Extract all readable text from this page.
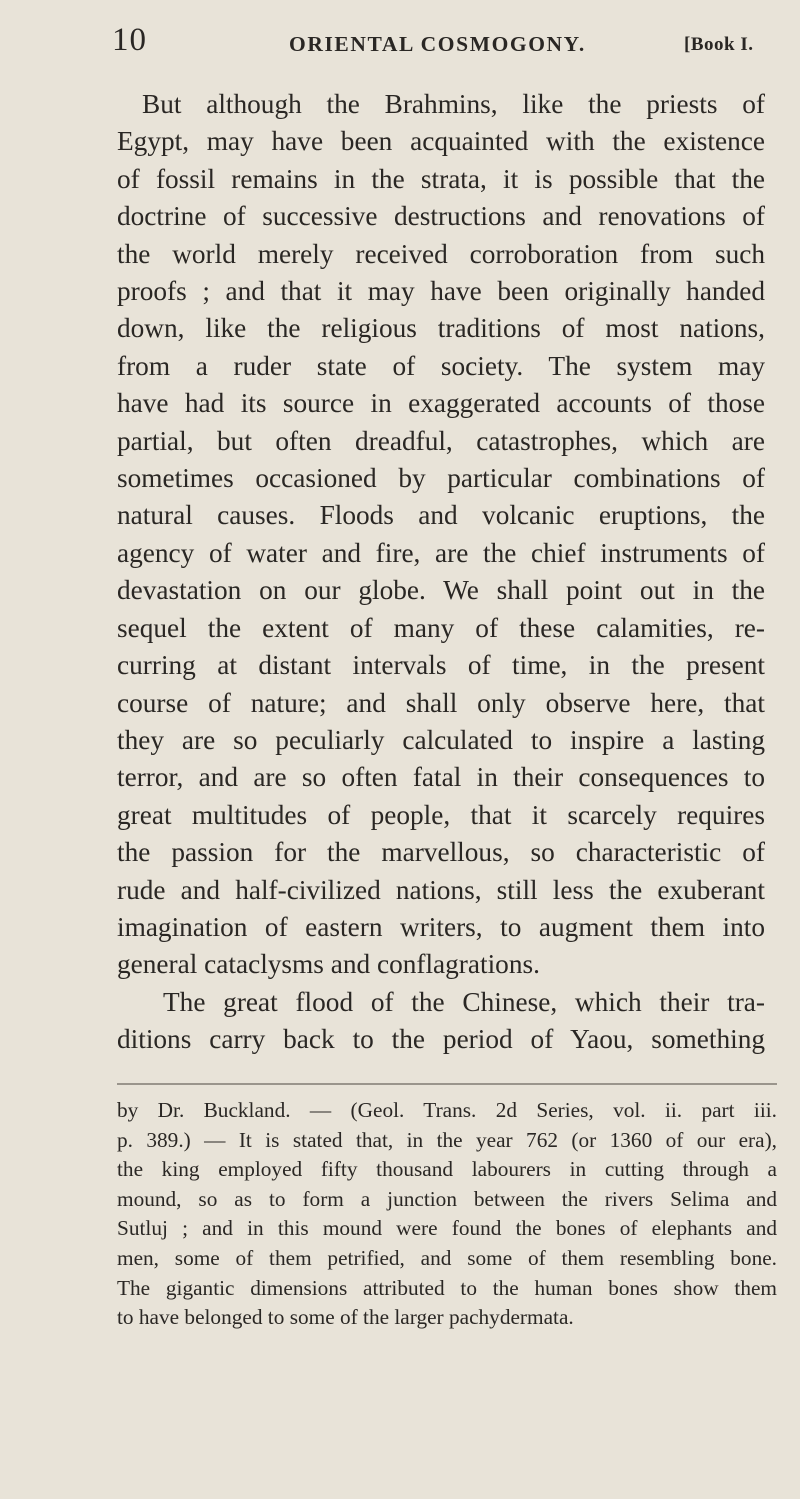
10	ORIENTAL COSMOGONY.	[Book I.
But although the Brahmins, like the priests of
Egypt, may have been acquainted with the existence
of fossil remains in the strata, it is possible that the
doctrine of successive destructions and renovations of
the world merely received corroboration from such
proofs ; and that it may have been originally handed
down, like the religious traditions of most nations,
from a ruder state of society. The system may
have had its source in exaggerated accounts of those
partial, but often dreadful, catastrophes, which are
sometimes occasioned by particular combinations of
natural causes. Floods and volcanic eruptions, the
agency of water and fire, are the chief instruments of
devastation on our globe. We shall point out in the
sequel the extent of many of these calamities, re-
curring at distant intervals of time, in the present
course of nature; and shall only observe here, that
they are so peculiarly calculated to inspire a lasting
terror, and are so often fatal in their consequences to
great multitudes of people, that it scarcely requires
the passion for the marvellous, so characteristic of
rude and half-civilized nations, still less the exuberant
imagination of eastern writers, to augment them into
general cataclysms and conflagrations.
The great flood of the Chinese, which their tra-
ditions carry back to the period of Yaou, something
by Dr. Buckland. — (Geol. Trans. 2d Series, vol. ii. part iii.
p. 389.) — It is stated that, in the year 762 (or 1360 of our era),
the king employed fifty thousand labourers in cutting through a
mound, so as to form a junction between the rivers Selima and
Sutluj ; and in this mound were found the bones of elephants and
men, some of them petrified, and some of them resembling bone.
The gigantic dimensions attributed to the human bones show them
to have belonged to some of the larger pachydermata.
